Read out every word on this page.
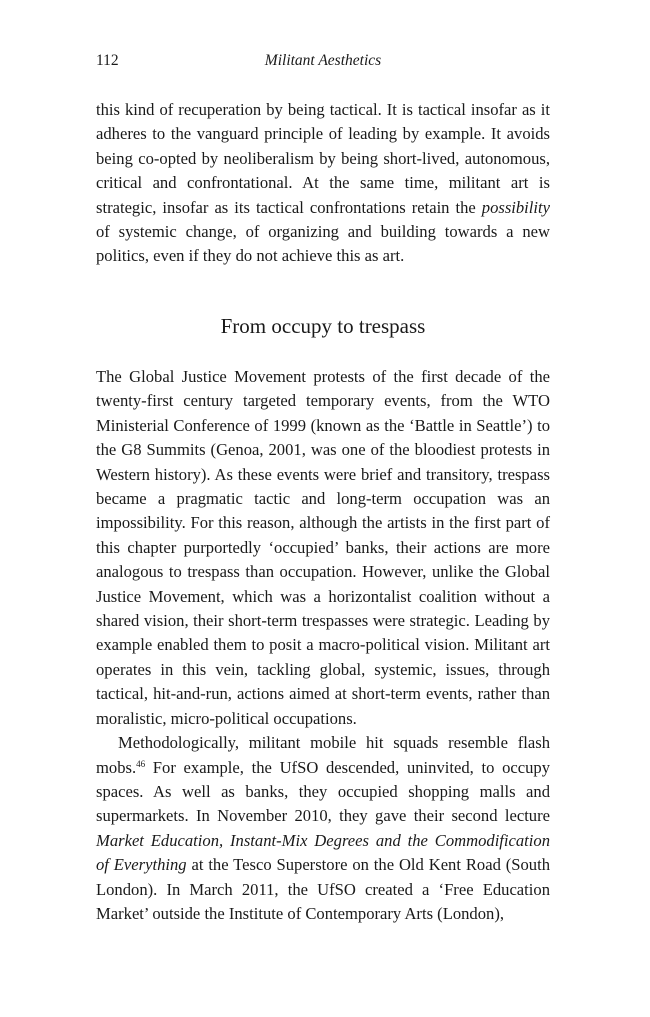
112	Militant Aesthetics

this kind of recuperation by being tactical. It is tactical insofar as it adheres to the vanguard principle of leading by example. It avoids being co-opted by neoliberalism by being short-lived, autonomous, critical and confrontational. At the same time, militant art is strategic, insofar as its tactical confrontations retain the possibility of systemic change, of organizing and building towards a new politics, even if they do not achieve this as art.

From occupy to trespass

The Global Justice Movement protests of the first decade of the twenty-first century targeted temporary events, from the WTO Ministerial Conference of 1999 (known as the ‘Battle in Seattle’) to the G8 Summits (Genoa, 2001, was one of the bloodiest protests in Western history). As these events were brief and transitory, trespass became a pragmatic tactic and long-term occupation was an impossibility. For this reason, although the artists in the first part of this chapter purportedly ‘occupied’ banks, their actions are more analogous to trespass than occupation. However, unlike the Global Justice Movement, which was a horizontalist coalition without a shared vision, their short-term trespasses were strategic. Leading by example enabled them to posit a macro-political vision. Militant art operates in this vein, tackling global, systemic, issues, through tactical, hit-and-run, actions aimed at short-term events, rather than moralistic, micro-political occupations.

Methodologically, militant mobile hit squads resemble flash mobs.$^{46}$ For example, the UfSO descended, uninvited, to occupy spaces. As well as banks, they occupied shopping malls and supermarkets. In November 2010, they gave their second lecture Market Education, Instant-Mix Degrees and the Commodification of Everything at the Tesco Superstore on the Old Kent Road (South London). In March 2011, the UfSO created a ‘Free Education Market’ outside the Institute of Contemporary Arts (London),
